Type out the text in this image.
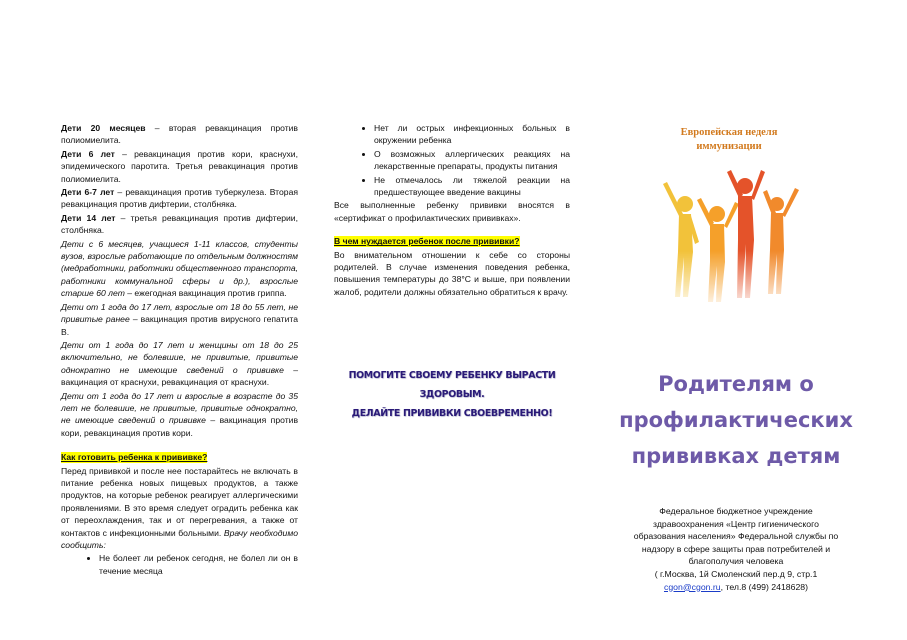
Дети 20 месяцев – вторая ревакцинация против полиомиелита.

Дети 6 лет – ревакцинация против кори, краснухи, эпидемического паротита. Третья ревакцинация против полиомиелита.

Дети 6-7 лет – ревакцинация против туберкулеза. Вторая ревакцинация против дифтерии, столбняка.

Дети 14 лет – третья ревакцинация против дифтерии, столбняка.

Дети с 6 месяцев, учащиеся 1-11 классов, студенты вузов, взрослые работающие по отдельным должностям (медработники, работники общественного транспорта, работники коммунальной сферы и др.), взрослые старше 60 лет – ежегодная вакцинация против гриппа.

Дети от 1 года до 17 лет, взрослые от 18 до 55 лет, не привитые ранее – вакцинация против вирусного гепатита В.

Дети от 1 года до 17 лет и женщины от 18 до 25 включительно, не болевшие, не привитые, привитые однократно не имеющие сведений о прививке – вакцинация от краснухи, ревакцинация от краснухи.

Дети от 1 года до 17 лет и взрослые в возрасте до 35 лет не болевшие, не привитые, привитые однократно, не имеющие сведений о прививке – вакцинация против кори, ревакцинация против кори.

Как готовить ребенка к прививке?

Перед прививкой и после нее постарайтесь не включать в питание ребенка новых пищевых продуктов, а также продуктов, на которые ребенок реагирует аллергическими проявлениями. В это время следует оградить ребенка как от переохлаждения, так и от перегревания, а также от контактов с инфекционными больными. Врачу необходимо сообщить:

• Не болеет ли ребенок сегодня, не болел ли он в течение месяца
• Нет ли острых инфекционных больных в окружении ребенка
• О возможных аллергических реакциях на лекарственные препараты, продукты питания
• Не отмечалось ли тяжелой реакции на предшествующее введение вакцины

Все выполненные ребенку прививки вносятся в «сертификат о профилактических прививках».

В чем нуждается ребенок после прививки?

Во внимательном отношении к себе со стороны родителей. В случае изменения поведения ребенка, повышения температуры до 38°С и выше, при появлении жалоб, родители должны обязательно обратиться к врачу.

ПОМОГИТЕ СВОЕМУ РЕБЕНКУ ВЫРАСТИ
ЗДОРОВЫМ.
ДЕЛАЙТЕ ПРИВИВКИ СВОЕВРЕМЕННО!
Родителям о
профилактических
прививках детям
Федеральное бюджетное учреждение
здравоохранения «Центр гигиенического
образования населения» Федеральной службы по
надзору в сфере защиты прав потребителей и
благополучия человека
( г.Москва, 1й Смоленский пер.д 9, стр.1
cgon@cgon.ru, тел.8 (499) 2418628)
